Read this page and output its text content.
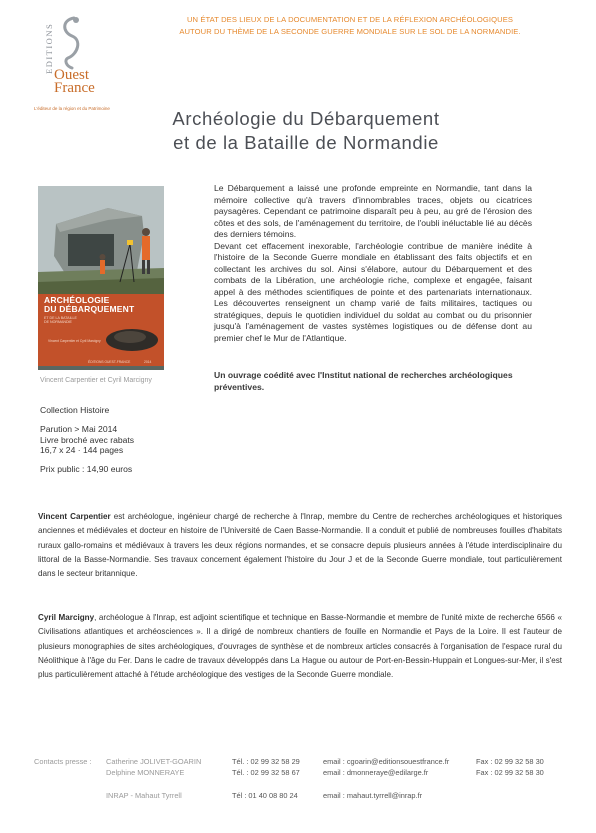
EDITIONS
Ouest
France
L'éditeur de la région et du Patrimoine
UN ÉTAT DES LIEUX DE LA DOCUMENTATION ET DE LA RÉFLEXION ARCHÉOLOGIQUES
AUTOUR DU THÈME DE LA SECONDE GUERRE MONDIALE SUR LE SOL DE LA NORMANDIE.
Archéologie du Débarquement
et de la Bataille de Normandie
ARCHÉOLOGIE
DU DÉBARQUEMENT
ET DE LA BATAILLE
DE NORMANDIE
Vincent Carpentier et Cyril Marcigny
ÉDITIONS OUEST-FRANCE	2014
Vincent Carpentier et Cyril Marcigny
Collection Histoire
Parution > Mai 2014
Livre broché avec rabats
16,7 x 24 · 144 pages
Prix public : 14,90 euros

Le Débarquement a laissé une profonde empreinte en Normandie, tant dans la mémoire collective qu'à travers d'innombrables traces, objets ou cicatrices paysagères. Cependant ce patrimoine disparaît peu à peu, au gré de l'érosion des côtes et des sols, de l'aménagement du territoire, de l'oubli inéluctable lié au décès des derniers témoins.

Devant cet effacement inexorable, l'archéologie contribue de manière inédite à l'histoire de la Seconde Guerre mondiale en établissant des faits objectifs et en collectant les archives du sol. Ainsi s'élabore, autour du Débarquement et des combats de la Libération, une archéologie riche, complexe et engagée, faisant appel à des méthodes scientifiques de pointe et des partenariats internationaux. Les découvertes renseignent un champ varié de faits militaires, tactiques ou stratégiques, depuis le quotidien individuel du soldat au combat ou du prisonnier jusqu'à l'aménagement de vastes systèmes logistiques ou de défense dont au premier chef le Mur de l'Atlantique.

Un ouvrage coédité avec l'Institut national de recherches archéologiques préventives.
Vincent Carpentier est archéologue, ingénieur chargé de recherche à l'Inrap, membre du Centre de recherches archéologiques et historiques anciennes et médiévales et docteur en histoire de l'Université de Caen Basse-Normandie. Il a conduit et publié de nombreuses fouilles d'habitats ruraux gallo-romains et médiévaux à travers les deux régions normandes, et se consacre depuis plusieurs années à l'étude interdisciplinaire du littoral de la Basse-Normandie. Ses travaux concernent également l'histoire du Jour J et de la Seconde Guerre mondiale, tout particulièrement dans le secteur britannique.
Cyril Marcigny, archéologue à l'Inrap, est adjoint scientifique et technique en Basse-Normandie et membre de l'unité mixte de recherche 6566 « Civilisations atlantiques et archéosciences ». Il a dirigé de nombreux chantiers de fouille en Normandie et Pays de la Loire. Il est l'auteur de plusieurs monographies de sites archéologiques, d'ouvrages de synthèse et de nombreux articles consacrés à l'organisation de l'espace rural du Néolithique à l'âge du Fer. Dans le cadre de travaux développés dans La Hague ou autour de Port-en-Bessin-Huppain et Longues-sur-Mer, il s'est plus particulièrement attaché à l'étude archéologique des vestiges de la Seconde Guerre mondiale.
Contacts presse : Catherine JOLIVET-GOARIN	Tél. : 02 99 32 58 29	email : cgoarin@editionsouestfrance.fr	Fax : 02 99 32 58 30
Delphine MONNERAYE	Tél. : 02 99 32 58 67	email : dmonneraye@edilarge.fr	Fax : 02 99 32 58 30
INRAP - Mahaut Tyrrell	Tél : 01 40 08 80 24	email : mahaut.tyrrell@inrap.fr
